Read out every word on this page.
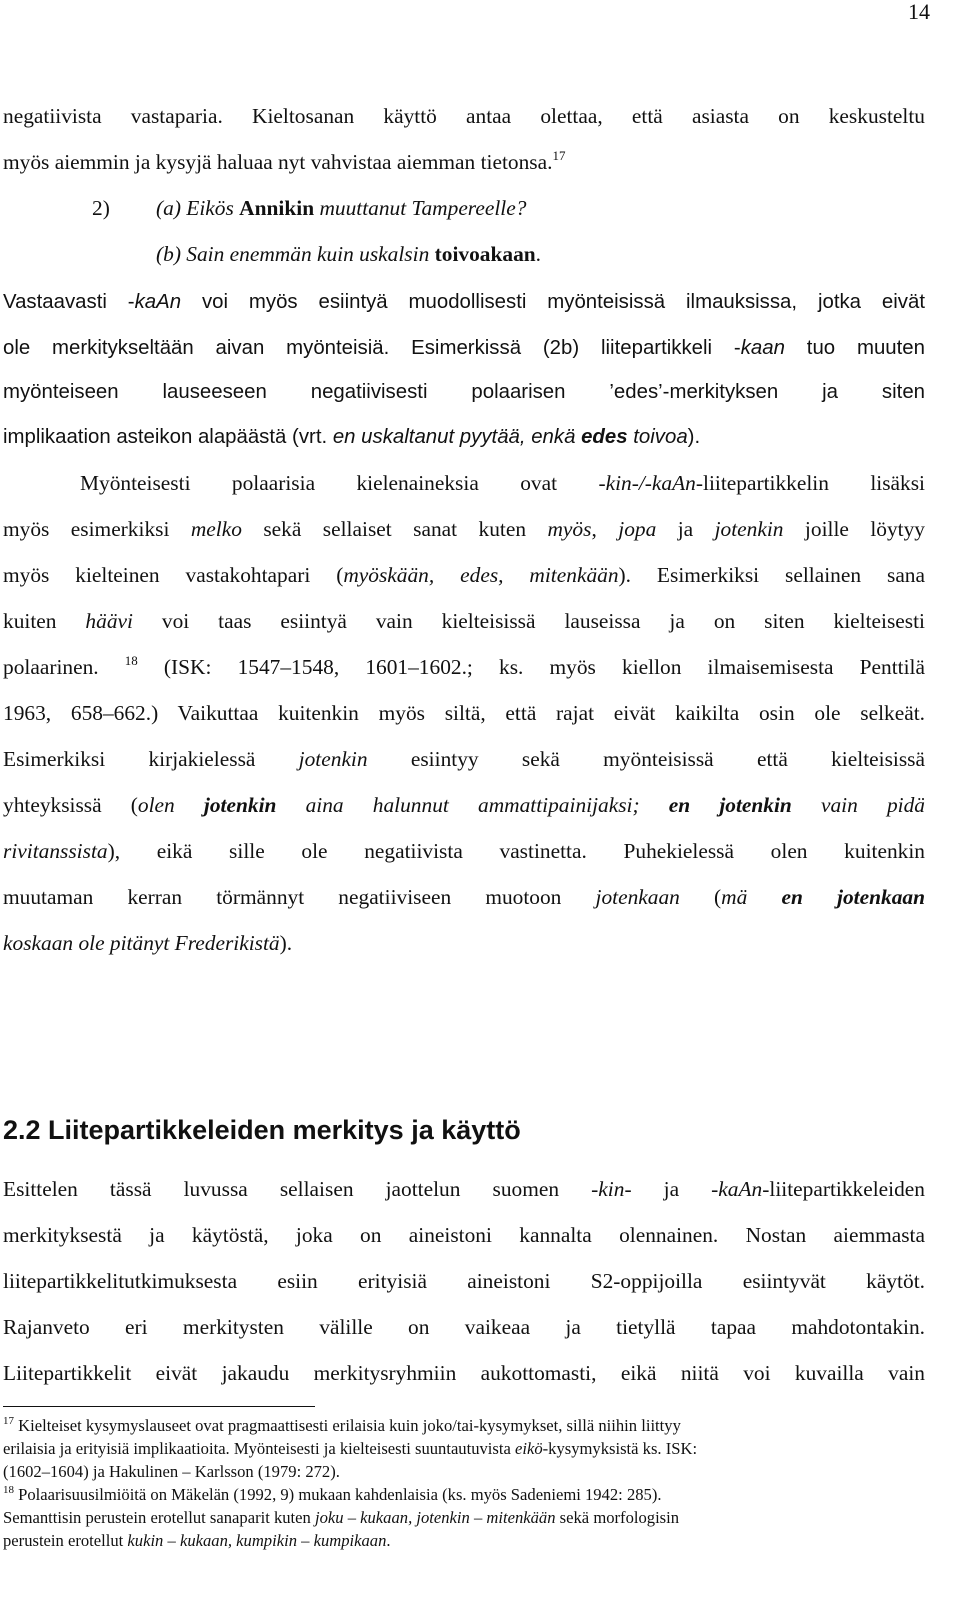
14
negatiivista vastaparia. Kieltosanan käyttö antaa olettaa, että asiasta on keskusteltu
myös aiemmin ja kysyjä haluaa nyt vahvistaa aiemman tietonsa.$^{17}$
2) (a) Eikös Annikin muuttanut Tampereelle?
(b) Sain enemmän kuin uskalsin toivoakaan.
Vastaavasti -kaAn voi myös esiintyä muodollisesti myönteisissä ilmauksissa, jotka eivät
ole merkitykseltään aivan myönteisiä. Esimerkissä (2b) liitepartikkeli -kaan tuo muuten
myönteiseen lauseeseen negatiivisesti polaarisen ’edes’-merkityksen ja siten
implikaation asteikon alapäästä (vrt. en uskaltanut pyytää, enkä edes toivoa).
Myönteisesti polaarisia kielenaineksia ovat -kin-/-kaAn-liitepartikkelin lisäksi
myös esimerkiksi melko sekä sellaiset sanat kuten myös, jopa ja jotenkin joille löytyy
myös kielteinen vastakohtapari (myöskään, edes, mitenkään). Esimerkiksi sellainen sana
kuiten häävi voi taas esiintyä vain kielteisissä lauseissa ja on siten kielteisesti
polaarinen. $^{18}$ (ISK: 1547–1548, 1601–1602.; ks. myös kiellon ilmaisemisesta Penttilä
1963, 658–662.) Vaikuttaa kuitenkin myös siltä, että rajat eivät kaikilta osin ole selkeät.
Esimerkiksi kirjakielessä jotenkin esiintyy sekä myönteisissä että kielteisissä
yhteyksissä (olen jotenkin aina halunnut ammattipainijaksi; en jotenkin vain pidä
rivitanssista), eikä sille ole negatiivista vastinetta. Puhekielessä olen kuitenkin
muutaman kerran törmännyt negatiiviseen muotoon jotenkaan (mä en jotenkaan
koskaan ole pitänyt Frederikistä).
2.2 Liitepartikkeleiden merkitys ja käyttö
Esittelen tässä luvussa sellaisen jaottelun suomen -kin- ja -kaAn-liitepartikkeleiden
merkityksestä ja käytöstä, joka on aineistoni kannalta olennainen. Nostan aiemmasta
liitepartikkelitutkimuksesta esiin erityisiä aineistoni S2-oppijoilla esiintyvät käytöt.
Rajanveto eri merkitysten välille on vaikeaa ja tietyllä tapaa mahdotontakin.
Liitepartikkelit eivät jakaudu merkitysryhmiin aukottomasti, eikä niitä voi kuvailla vain
$^{17}$ Kielteiset kysymyslauseet ovat pragmaattisesti erilaisia kuin joko/tai-kysymykset, sillä niihin liittyy
erilaisia ja erityisiä implikaatioita. Myönteisesti ja kielteisesti suuntautuvista eikö-kysymyksistä ks. ISK:
(1602–1604) ja Hakulinen – Karlsson (1979: 272).
$^{18}$ Polaarisuusilmiöitä on Mäkelän (1992, 9) mukaan kahdenlaisia (ks. myös Sadeniemi 1942: 285).
Semanttisin perustein erotellut sanaparit kuten joku – kukaan, jotenkin – mitenkään sekä morfologisin
perustein erotellut kukin – kukaan, kumpikin – kumpikaan.
